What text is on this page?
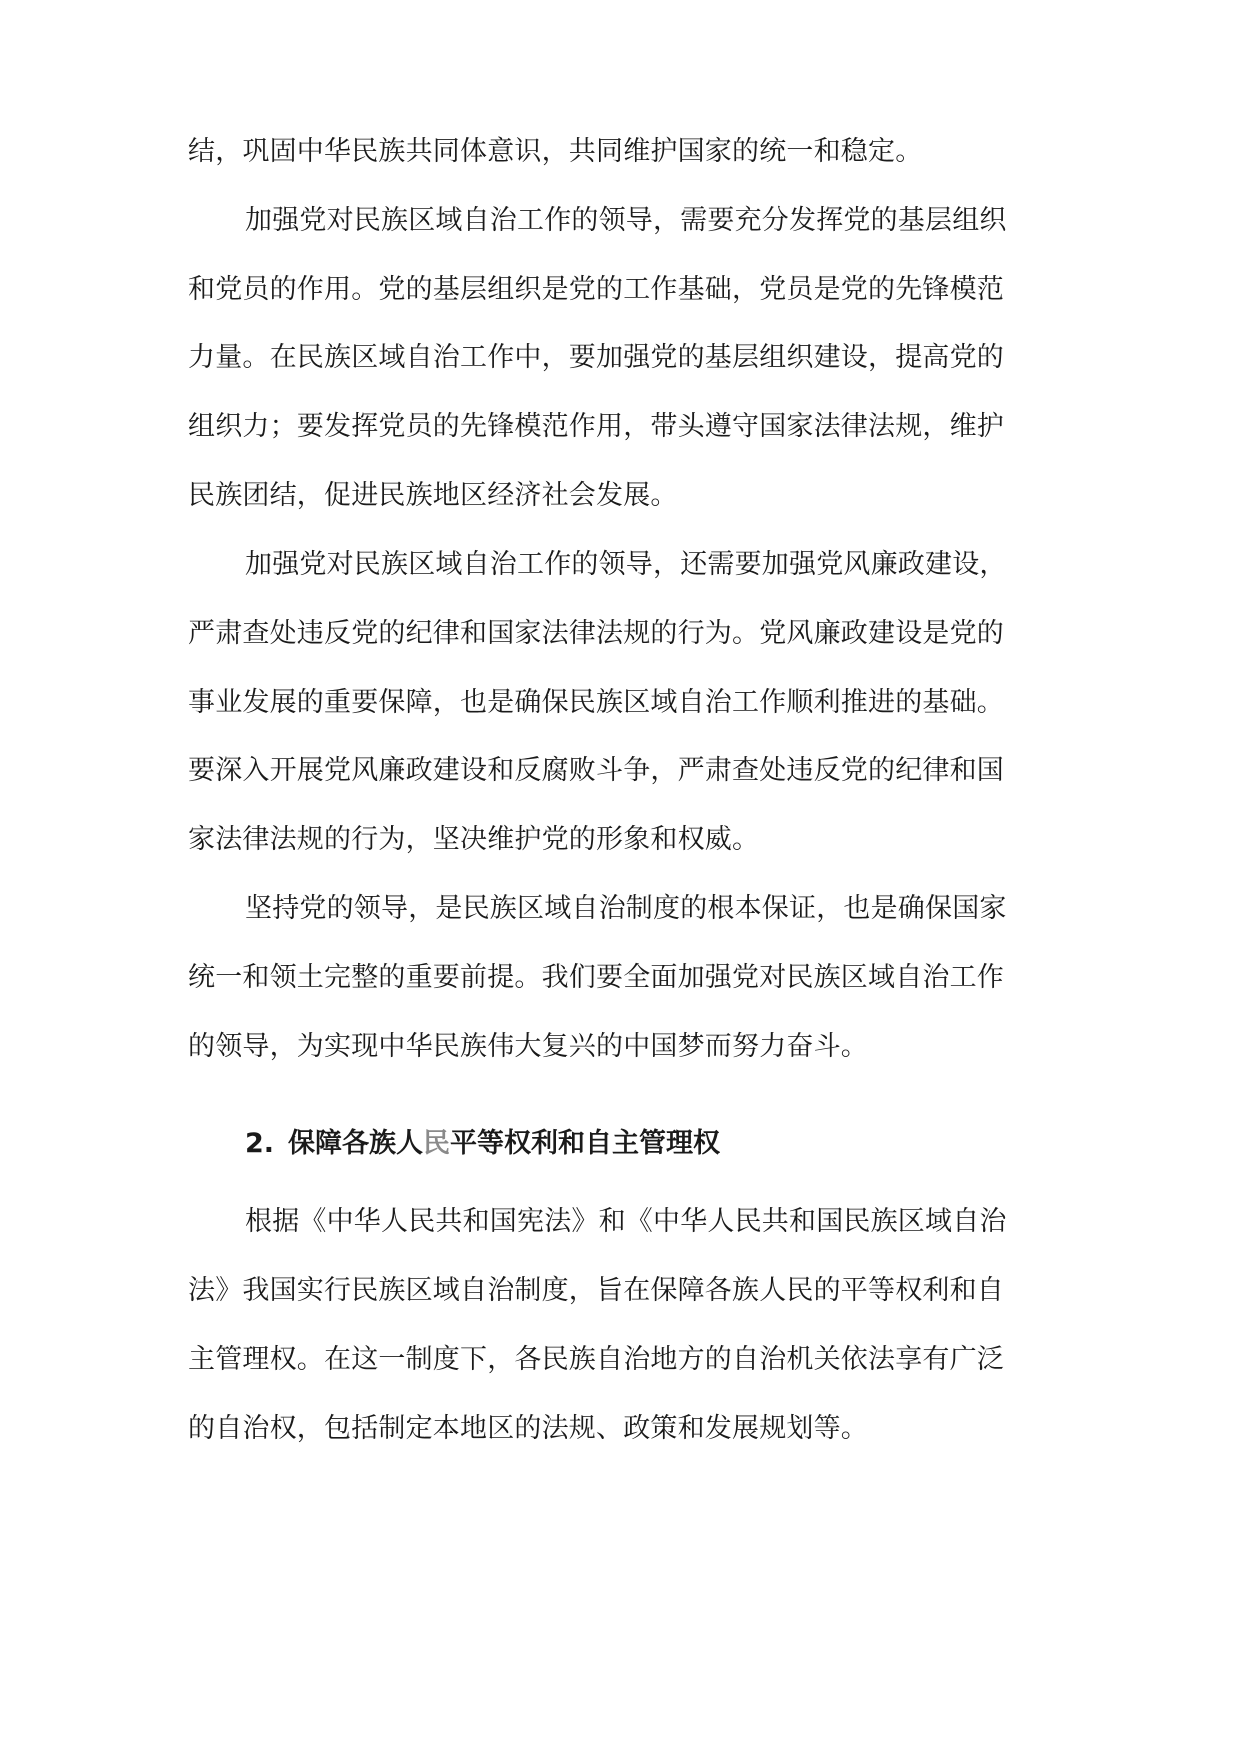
结，巩固中华民族共同体意识，共同维护国家的统一和稳定。
加强党对民族区域自治工作的领导，需要充分发挥党的基层组织
和党员的作用。党的基层组织是党的工作基础，党员是党的先锋模范
力量。在民族区域自治工作中，要加强党的基层组织建设，提高党的
组织力；要发挥党员的先锋模范作用，带头遵守国家法律法规，维护
民族团结，促进民族地区经济社会发展。
加强党对民族区域自治工作的领导，还需要加强党风廉政建设，
严肃查处违反党的纪律和国家法律法规的行为。党风廉政建设是党的
事业发展的重要保障，也是确保民族区域自治工作顺利推进的基础。
要深入开展党风廉政建设和反腐败斗争，严肃查处违反党的纪律和国
家法律法规的行为，坚决维护党的形象和权威。
坚持党的领导，是民族区域自治制度的根本保证，也是确保国家
统一和领土完整的重要前提。我们要全面加强党对民族区域自治工作
的领导，为实现中华民族伟大复兴的中国梦而努力奋斗。
2. 保障各族人民平等权利和自主管理权
根据《中华人民共和国宪法》和《中华人民共和国民族区域自治
法》我国实行民族区域自治制度，旨在保障各族人民的平等权利和自
主管理权。在这一制度下，各民族自治地方的自治机关依法享有广泛
的自治权，包括制定本地区的法规、政策和发展规划等。
